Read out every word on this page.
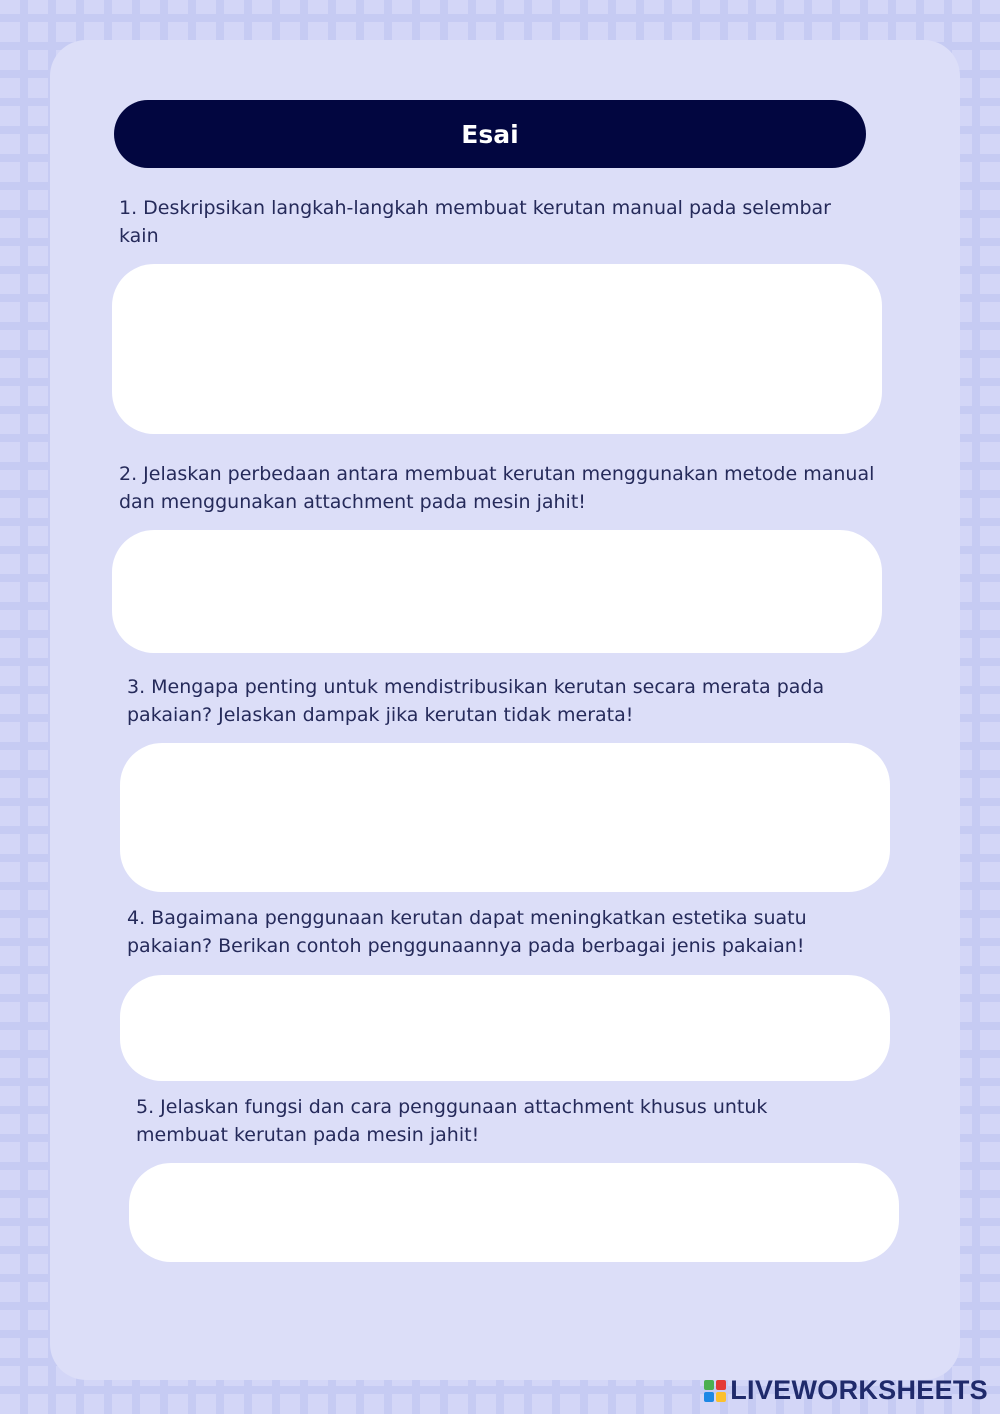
Esai

1. Deskripsikan langkah-langkah membuat kerutan manual pada selembar kain

2. Jelaskan perbedaan antara membuat kerutan menggunakan metode manual dan menggunakan attachment pada mesin jahit!

3. Mengapa penting untuk mendistribusikan kerutan secara merata pada pakaian? Jelaskan dampak jika kerutan tidak merata!

4. Bagaimana penggunaan kerutan dapat meningkatkan estetika suatu pakaian? Berikan contoh penggunaannya pada berbagai jenis pakaian!

5. Jelaskan fungsi dan cara penggunaan attachment khusus untuk membuat kerutan pada mesin jahit!

LIVEWORKSHEETS
